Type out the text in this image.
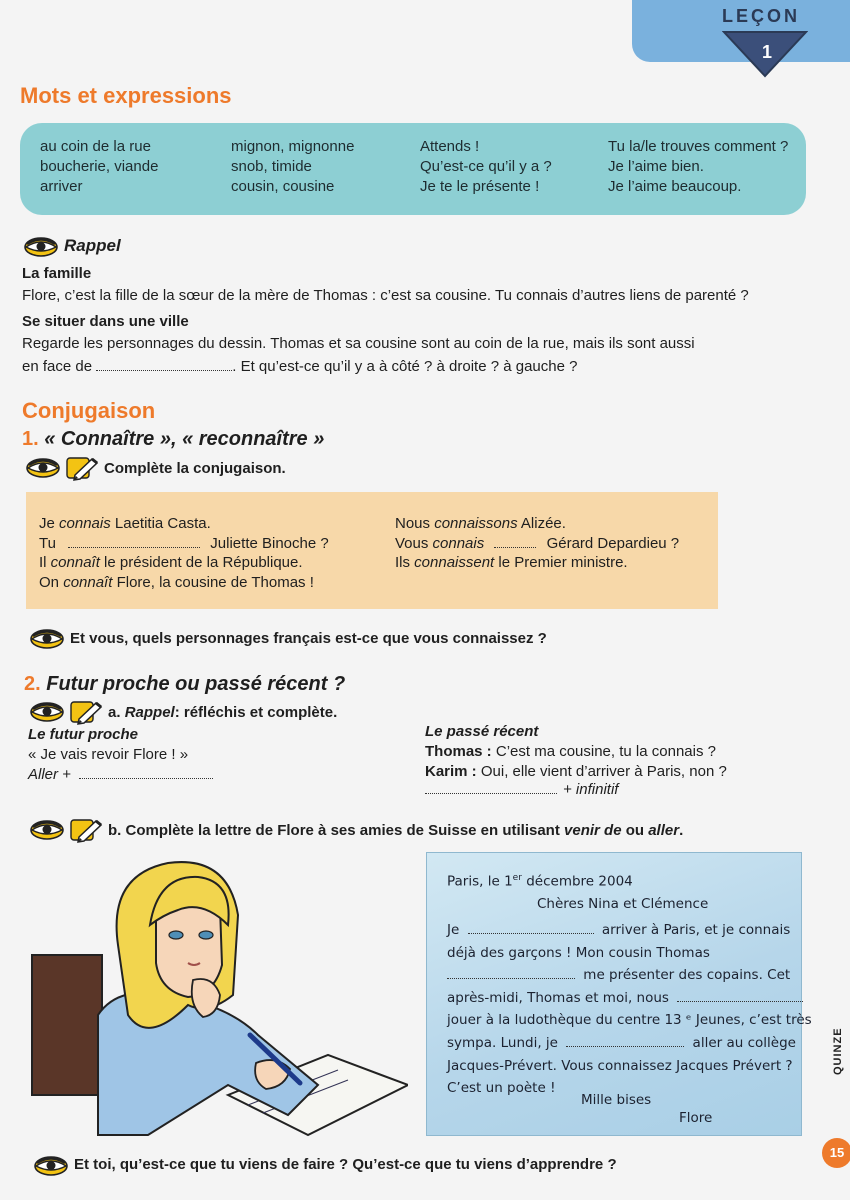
LEÇON
1
Mots et expressions
au coin de la rue
boucherie, viande
arriver
mignon, mignonne
snob, timide
cousin, cousine
Attends !
Qu’est-ce qu’il y a ?
Je te le présente !
Tu la/le trouves comment ?
Je l’aime bien.
Je l’aime beaucoup.
Rappel
La famille
Flore, c’est la fille de la sœur de la mère de Thomas : c’est sa cousine. Tu connais d’autres liens de parenté ?
Se situer dans une ville
Regarde les personnages du dessin. Thomas et sa cousine sont au coin de la rue, mais ils sont aussi
en face de	. Et qu’est-ce qu’il y a à côté ? à droite ? à gauche ?
Conjugaison
1. « Connaître », « reconnaître »
Complète la conjugaison.
Je connais Laetitia Casta.
Tu	Juliette Binoche ?
Il connaît le président de la République.
On connaît Flore, la cousine de Thomas !
Nous connaissons Alizée.
Vous connais	Gérard Depardieu ?
Ils connaissent le Premier ministre.
Et vous, quels personnages français est-ce que vous connaissez ?
2. Futur proche ou passé récent ?
a. Rappel: réfléchis et complète.
Le futur proche
« Je vais revoir Flore ! »
Aller +
Le passé récent
Thomas : C’est ma cousine, tu la connais ?
Karim : Oui, elle vient d’arriver à Paris, non ?
+ infinitif
b. Complète la lettre de Flore à ses amies de Suisse en utilisant venir de ou aller.
Paris, le 1er décembre 2004
Chères Nina et Clémence
Je	arriver à Paris, et je connais
déjà des garçons ! Mon cousin Thomas
me présenter des copains. Cet
après-midi, Thomas et moi, nous
jouer à la ludothèque du centre 13 ᵉ Jeunes, c’est très
sympa. Lundi, je	aller au collège
Jacques-Prévert. Vous connaissez Jacques Prévert ?
C’est un poète !
Mille bises
Flore
Et toi, qu’est-ce que tu viens de faire ? Qu’est-ce que tu viens d’apprendre ?
QUINZE
15
